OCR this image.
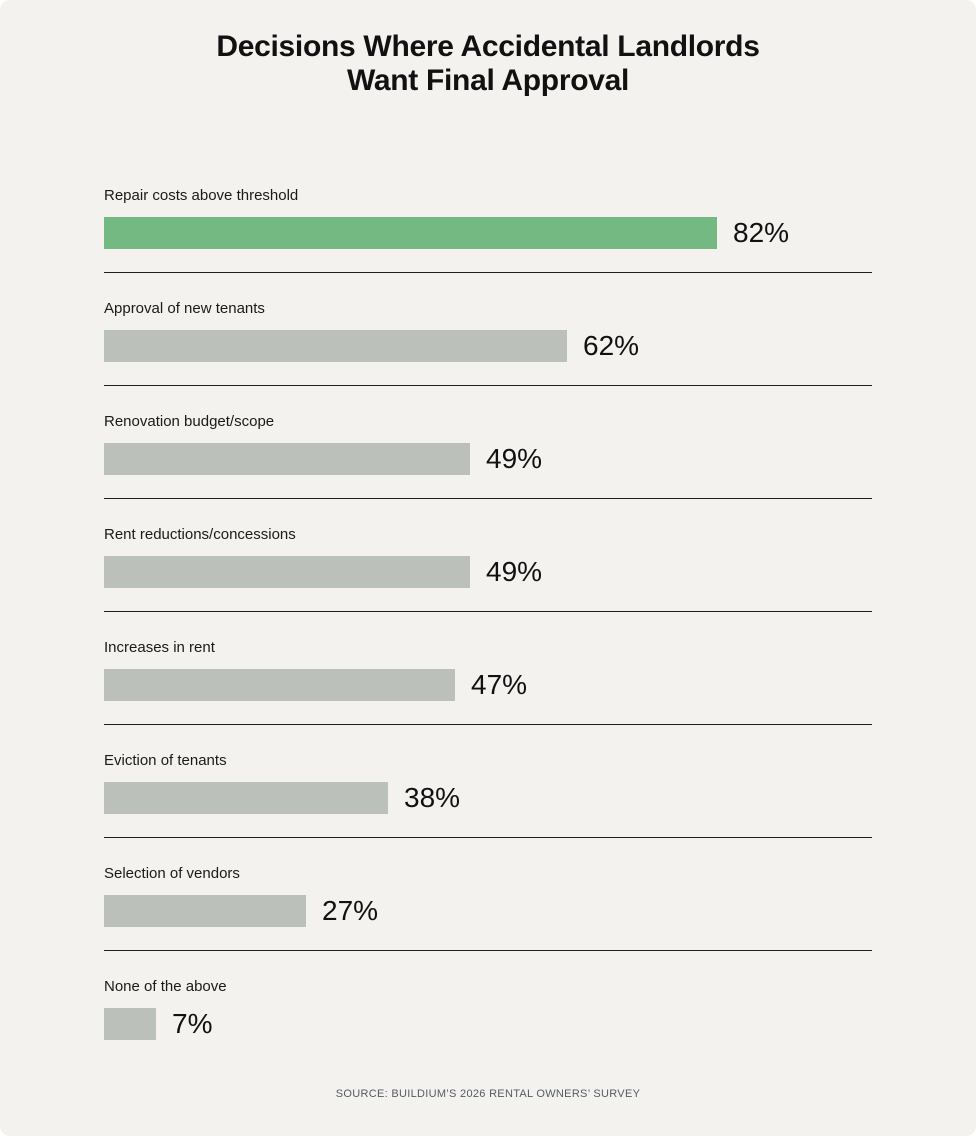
Decisions Where Accidental Landlords
Want Final Approval
Repair costs above threshold
82%
Approval of new tenants
62%
Renovation budget/scope
49%
Rent reductions/concessions
49%
Increases in rent
47%
Eviction of tenants
38%
Selection of vendors
27%
None of the above
7%
SOURCE: BUILDIUM’S 2026 RENTAL OWNERS’ SURVEY
